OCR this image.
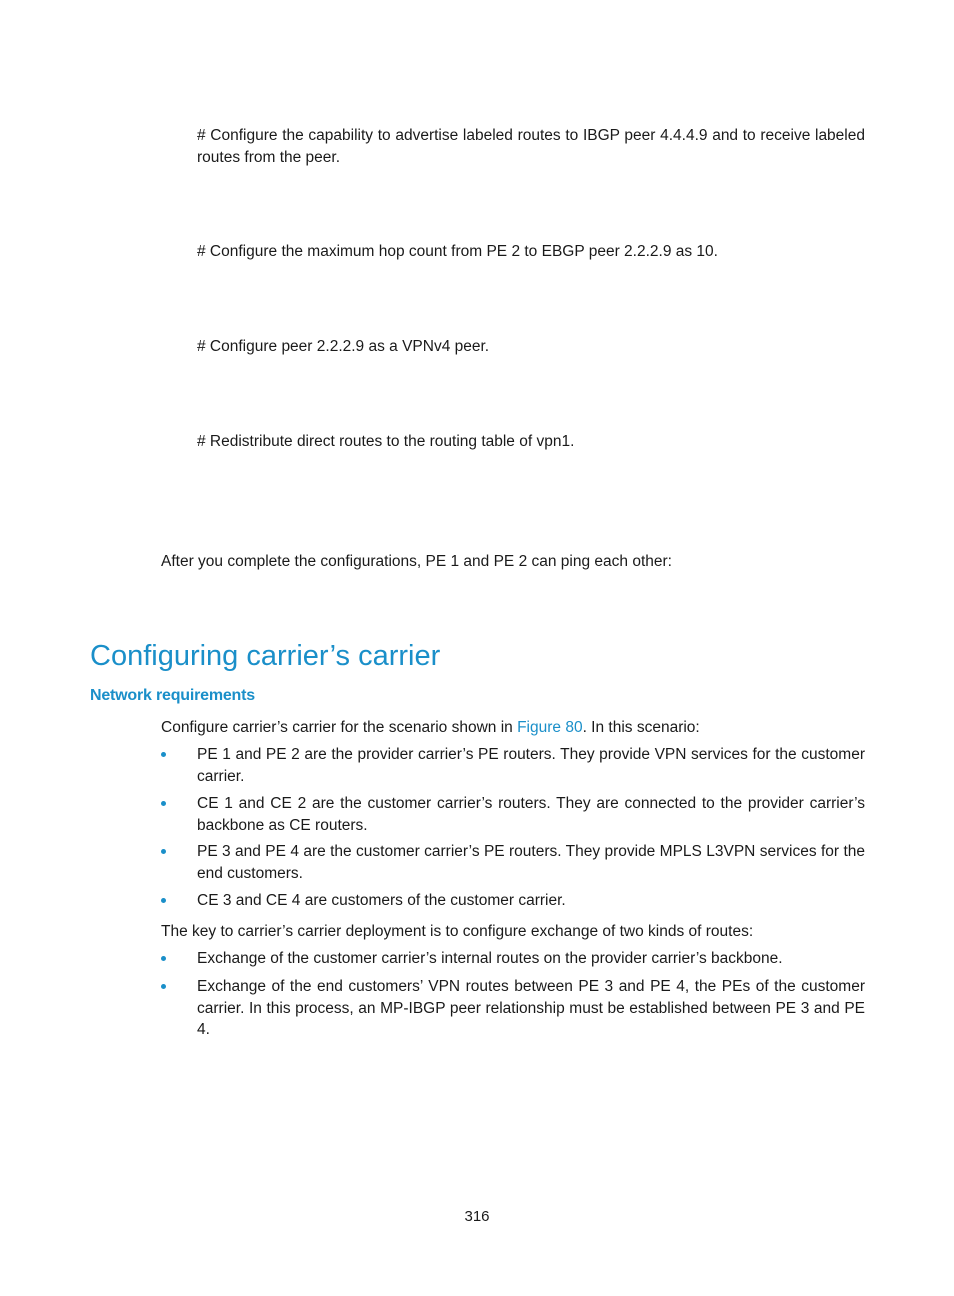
# Configure the capability to advertise labeled routes to IBGP peer 4.4.4.9 and to receive labeled routes from the peer.

# Configure the maximum hop count from PE 2 to EBGP peer 2.2.2.9 as 10.

# Configure peer 2.2.2.9 as a VPNv4 peer.

# Redistribute direct routes to the routing table of vpn1.

After you complete the configurations, PE 1 and PE 2 can ping each other:

Configuring carrier’s carrier
Network requirements

Configure carrier’s carrier for the scenario shown in Figure 80. In this scenario:

PE 1 and PE 2 are the provider carrier’s PE routers. They provide VPN services for the customer carrier.
CE 1 and CE 2 are the customer carrier’s routers. They are connected to the provider carrier’s backbone as CE routers.
PE 3 and PE 4 are the customer carrier’s PE routers. They provide MPLS L3VPN services for the end customers.
CE 3 and CE 4 are customers of the customer carrier.

The key to carrier’s carrier deployment is to configure exchange of two kinds of routes:

Exchange of the customer carrier’s internal routes on the provider carrier’s backbone.
Exchange of the end customers’ VPN routes between PE 3 and PE 4, the PEs of the customer carrier. In this process, an MP-IBGP peer relationship must be established between PE 3 and PE 4.
316
